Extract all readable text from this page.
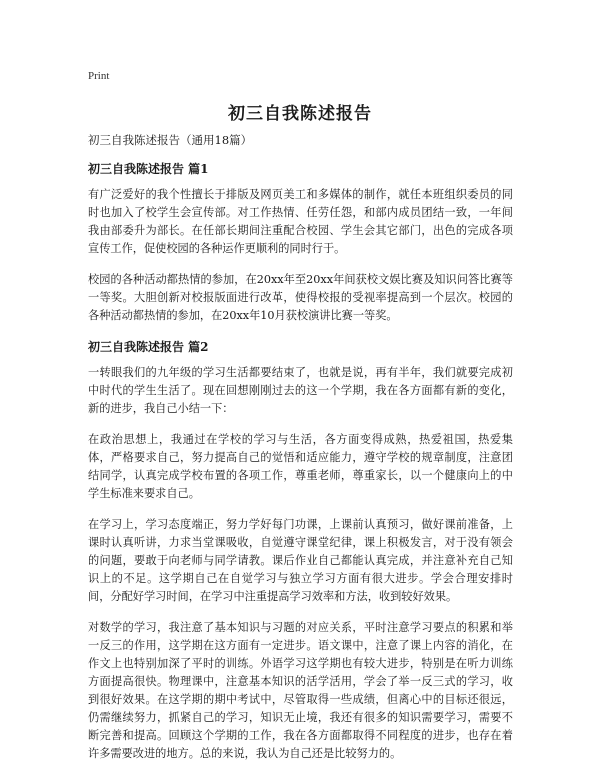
Print
初三自我陈述报告

初三自我陈述报告（通用18篇）

初三自我陈述报告 篇1

有广泛爱好的我个性擅长于排版及网页美工和多媒体的制作，就任本班组织委员的同时也加入了校学生会宣传部。对工作热情、任劳任怨，和部内成员团结一致，一年间我由部委升为部长。在任部长期间注重配合校园、学生会其它部门，出色的完成各项宣传工作，促使校园的各种运作更顺利的同时行于。

校园的各种活动都热情的参加，在20xx年至20xx年间获校文娱比赛及知识问答比赛等一等奖。大胆创新对校报版面进行改革，使得校报的受视率提高到一个层次。校园的各种活动都热情的参加，在20xx年10月获校演讲比赛一等奖。

初三自我陈述报告 篇2

一转眼我们的九年级的学习生活都要结束了，也就是说，再有半年，我们就要完成初中时代的学生生活了。现在回想刚刚过去的这一个学期，我在各方面都有新的变化，新的进步，我自己小结一下：

在政治思想上，我通过在学校的学习与生活，各方面变得成熟，热爱祖国，热爱集体，严格要求自己，努力提高自己的觉悟和适应能力，遵守学校的规章制度，注意团结同学，认真完成学校布置的各项工作，尊重老师，尊重家长，以一个健康向上的中学生标准来要求自己。

在学习上，学习态度端正，努力学好每门功课，上课前认真预习，做好课前准备，上课时认真听讲，力求当堂课吸收，自觉遵守课堂纪律，课上积极发言，对于没有领会的问题，要敢于向老师与同学请教。课后作业自己都能认真完成，并注意补充自己知识上的不足。这学期自己在自觉学习与独立学习方面有很大进步。学会合理安排时间，分配好学习时间，在学习中注重提高学习效率和方法，收到较好效果。

对数学的学习，我注意了基本知识与习题的对应关系，平时注意学习要点的积累和举一反三的作用，这学期在这方面有一定进步。语文课中，注意了课上内容的消化，在作文上也特别加深了平时的训练。外语学习这学期也有较大进步，特别是在听力训练方面提高很快。物理课中，注意基本知识的活学活用，学会了举一反三式的学习，收到很好效果。在这学期的期中考试中，尽管取得一些成绩，但离心中的目标还很远，仍需继续努力，抓紧自己的学习，知识无止境，我还有很多的知识需要学习，需要不断完善和提高。回顾这个学期的工作，我在各方面都取得不同程度的进步，也存在着许多需要改进的地方。总的来说，我认为自己还是比较努力的。
